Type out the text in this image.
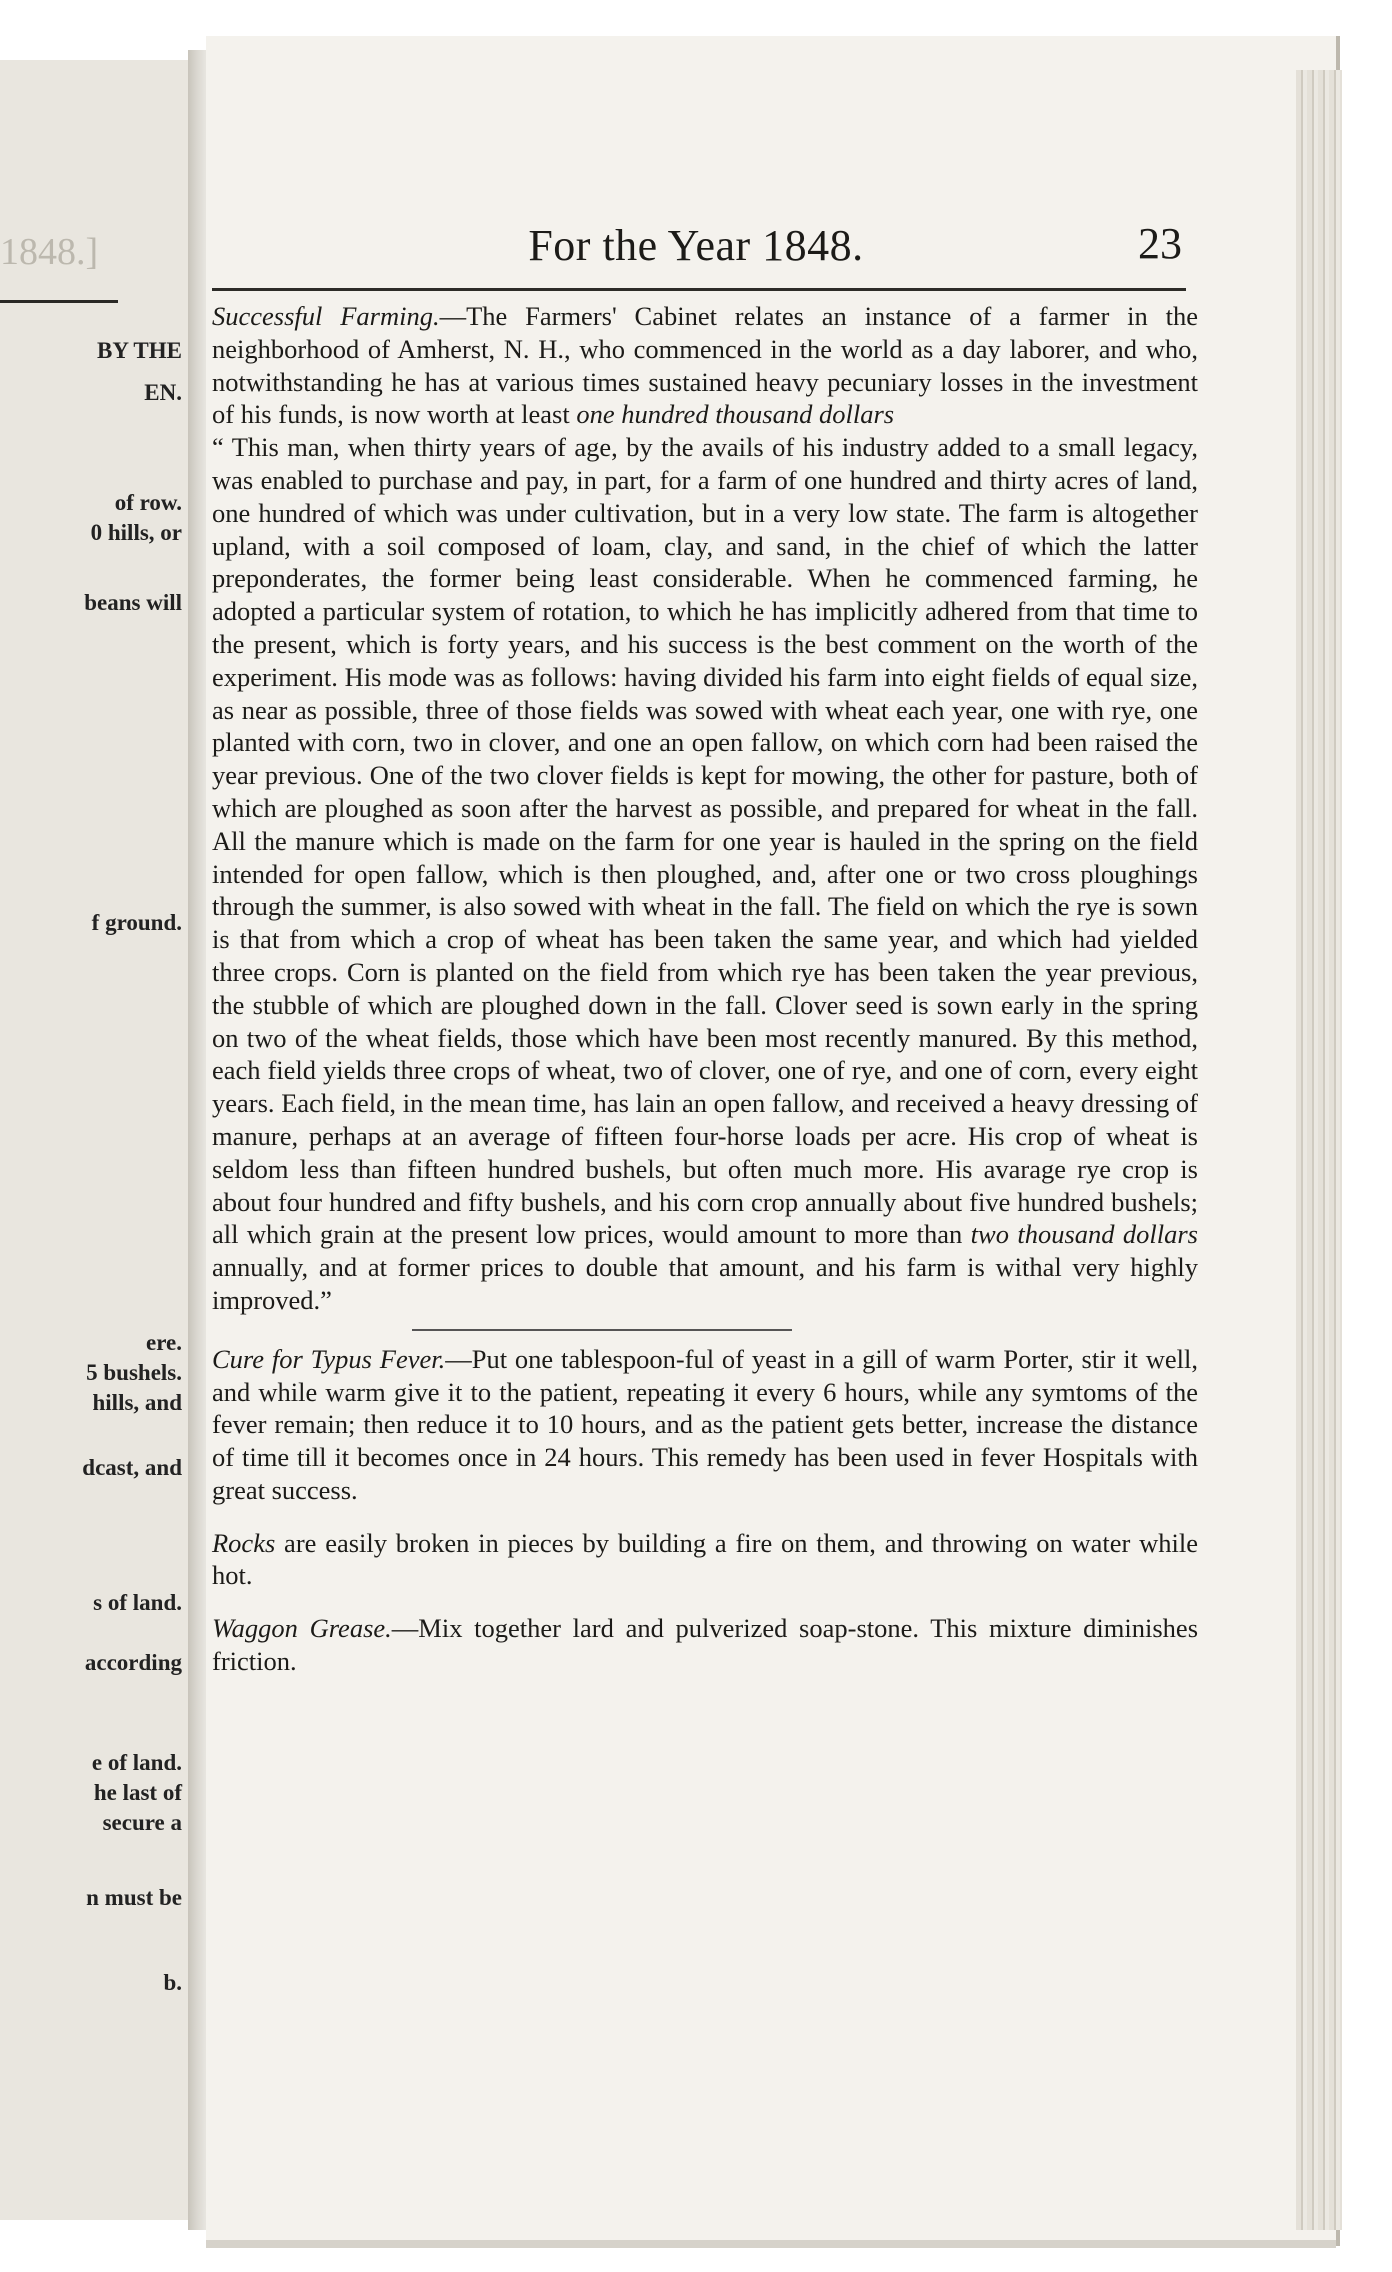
1848.]
BY THE
EN.
of row.
0 hills, or
beans will
f ground.
ere.
5 bushels.
hills, and
dcast, and
s of land.
according
e of land.
he last of
secure a
n must be
b.
For the Year 1848.	23

Successful Farming.—The Farmers' Cabinet relates an instance of a farmer in the neighborhood of Amherst, N. H., who commenced in the world as a day laborer, and who, notwithstanding he has at various times sustained heavy pecuniary losses in the investment of his funds, is now worth at least one hundred thousand dollars

“ This man, when thirty years of age, by the avails of his industry added to a small legacy, was enabled to purchase and pay, in part, for a farm of one hundred and thirty acres of land, one hundred of which was under cultivation, but in a very low state. The farm is altogether upland, with a soil composed of loam, clay, and sand, in the chief of which the latter preponderates, the former being least considerable. When he commenced farming, he adopted a particular system of rotation, to which he has implicitly adhered from that time to the present, which is forty years, and his success is the best comment on the worth of the experiment. His mode was as follows: having divided his farm into eight fields of equal size, as near as possible, three of those fields was sowed with wheat each year, one with rye, one planted with corn, two in clover, and one an open fallow, on which corn had been raised the year previous. One of the two clover fields is kept for mowing, the other for pasture, both of which are ploughed as soon after the harvest as possible, and prepared for wheat in the fall. All the manure which is made on the farm for one year is hauled in the spring on the field intended for open fallow, which is then ploughed, and, after one or two cross ploughings through the summer, is also sowed with wheat in the fall. The field on which the rye is sown is that from which a crop of wheat has been taken the same year, and which had yielded three crops. Corn is planted on the field from which rye has been taken the year previous, the stubble of which are ploughed down in the fall. Clover seed is sown early in the spring on two of the wheat fields, those which have been most recently manured. By this method, each field yields three crops of wheat, two of clover, one of rye, and one of corn, every eight years. Each field, in the mean time, has lain an open fallow, and received a heavy dressing of manure, perhaps at an average of fifteen four-horse loads per acre. His crop of wheat is seldom less than fifteen hundred bushels, but often much more. His avarage rye crop is about four hundred and fifty bushels, and his corn crop annually about five hundred bushels; all which grain at the present low prices, would amount to more than two thousand dollars annually, and at former prices to double that amount, and his farm is withal very highly improved.”

Cure for Typus Fever.—Put one tablespoon-ful of yeast in a gill of warm Porter, stir it well, and while warm give it to the patient, repeating it every 6 hours, while any symtoms of the fever remain; then reduce it to 10 hours, and as the patient gets better, increase the distance of time till it becomes once in 24 hours. This remedy has been used in fever Hospitals with great success.

Rocks are easily broken in pieces by building a fire on them, and throwing on water while hot.

Waggon Grease.—Mix together lard and pulverized soap-stone. This mixture diminishes friction.
